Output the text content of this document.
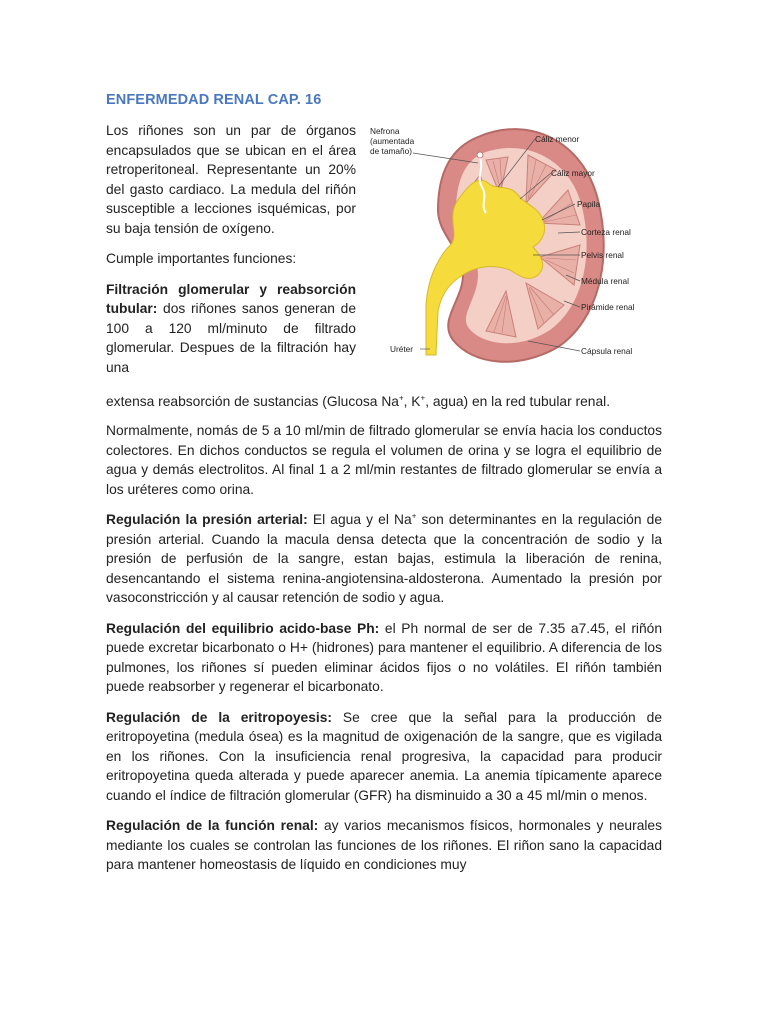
ENFERMEDAD RENAL CAP. 16

Los riñones son un par de órganos encapsulados que se ubican en el área retroperitoneal. Representante un 20% del gasto cardiaco. La medula del riñón susceptible a lecciones isquémicas, por su baja tensión de oxígeno.

Cumple importantes funciones:

Filtración glomerular y reabsorción tubular: dos riñones sanos generan de 100 a 120 ml/minuto de filtrado glomerular. Despues de la filtración hay una

Nefrona
(aumentada
de tamaño)
Cáliz menor
Cáliz mayor
Papila
Corteza renal
Pelvis renal
Médula renal
Pirámide renal
Cápsula renal
Uréter

extensa reabsorción de sustancias (Glucosa Na+, K+, agua) en la red tubular renal.

Normalmente, nomás de 5 a 10 ml/min de filtrado glomerular se envía hacia los conductos colectores. En dichos conductos se regula el volumen de orina y se logra el equilibrio de agua y demás electrolitos. Al final 1 a 2 ml/min restantes de filtrado glomerular se envía a los uréteres como orina.

Regulación la presión arterial: El agua y el Na+ son determinantes en la regulación de presión arterial. Cuando la macula densa detecta que la concentración de sodio y la presión de perfusión de la sangre, estan bajas, estimula la liberación de renina, desencantando el sistema renina-angiotensina-aldosterona. Aumentado la presión por vasoconstricción y al causar retención de sodio y agua.

Regulación del equilibrio acido-base Ph: el Ph normal de ser de 7.35 a7.45, el riñón puede excretar bicarbonato o H+ (hidrones) para mantener el equilibrio. A diferencia de los pulmones, los riñones sí pueden eliminar ácidos fijos o no volátiles. El riñón también puede reabsorber y regenerar el bicarbonato.

Regulación de la eritropoyesis: Se cree que la señal para la producción de eritropoyetina (medula ósea) es la magnitud de oxigenación de la sangre, que es vigilada en los riñones. Con la insuficiencia renal progresiva, la capacidad para producir eritropoyetina queda alterada y puede aparecer anemia. La anemia típicamente aparece cuando el índice de filtración glomerular (GFR) ha disminuido a 30 a 45 ml/min o menos.

Regulación de la función renal: ay varios mecanismos físicos, hormonales y neurales mediante los cuales se controlan las funciones de los riñones. El riñon sano la capacidad para mantener homeostasis de líquido en condiciones muy
